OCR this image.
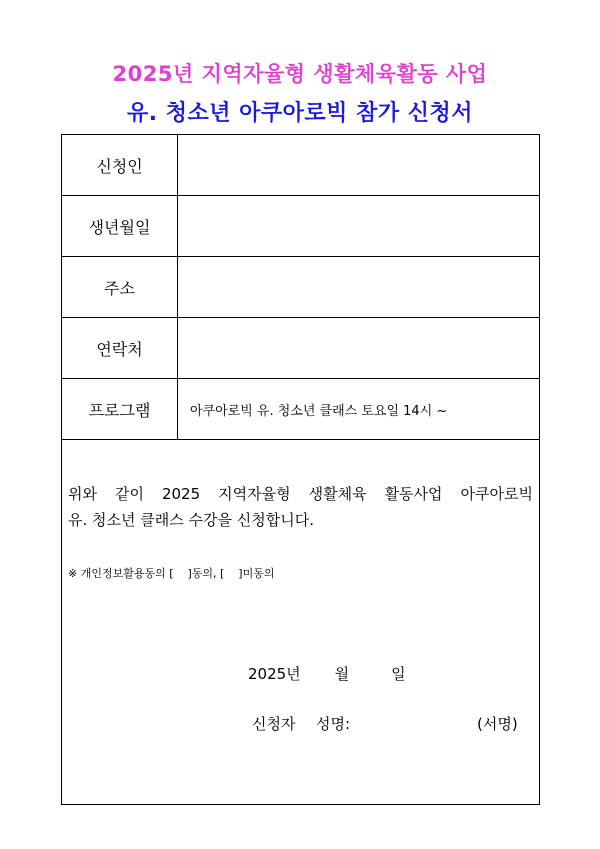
2025년 지역자율형 생활체육활동 사업
유. 청소년 아쿠아로빅 참가 신청서
신청인
생년월일
주소
연락처
프로그램	아쿠아로빅 유. 청소년 클래스 토요일 14시 ~
위와 같이 2025 지역자율형 생활체육 활동사업 아쿠아로빅
유. 청소년 클래스 수강을 신청합니다.
※ 개인정보활용동의 [    ]동의, [    ]미동의
2025년 월	일
신청자 성명:	(서명)
